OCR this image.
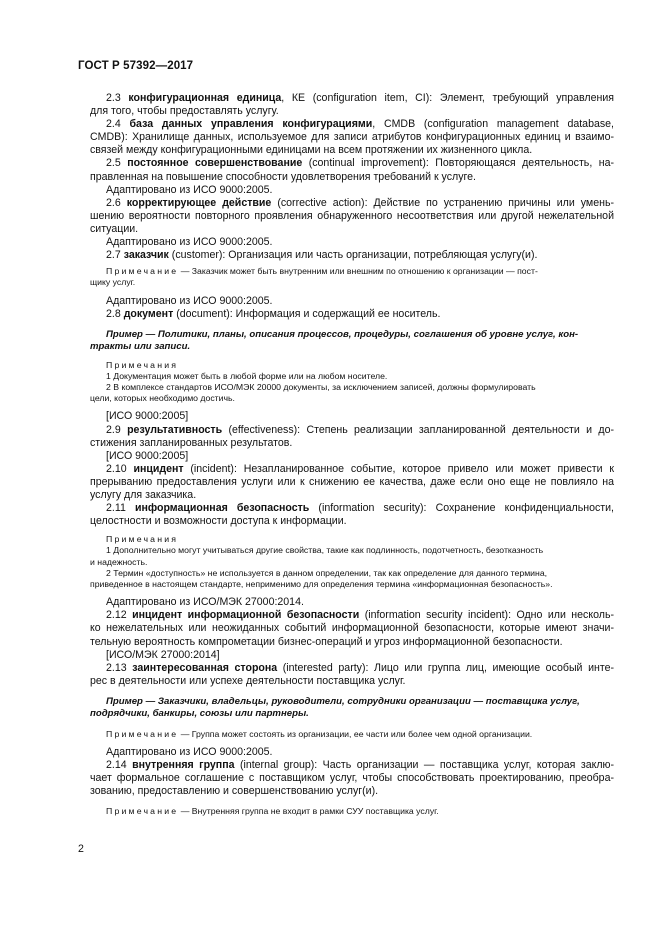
ГОСТ Р 57392—2017

2.3 конфигурационная единица, КЕ (configuration item, CI): Элемент, требующий управления

для того, чтобы предоставлять услугу.

2.4 база данных управления конфигурациями, CMDB (configuration management database,

CMDB): Хранилище данных, используемое для записи атрибутов конфигурационных единиц и взаимо-

связей между конфигурационными единицами на всем протяжении их жизненного цикла.

2.5 постоянное совершенствование (continual improvement): Повторяющаяся деятельность, на-

правленная на повышение способности удовлетворения требований к услуге.

Адаптировано из ИСО 9000:2005.

2.6 корректирующее действие (corrective action): Действие по устранению причины или умень-

шению вероятности повторного проявления обнаруженного несоответствия или другой нежелательной

ситуации.

Адаптировано из ИСО 9000:2005.

2.7 заказчик (customer): Организация или часть организации, потребляющая услугу(и).

Примечание — Заказчик может быть внутренним или внешним по отношению к организации — пост-

щику услуг.

Адаптировано из ИСО 9000:2005.

2.8 документ (document): Информация и содержащий ее носитель.

Пример — Политики, планы, описания процессов, процедуры, соглашения об уровне услуг, кон-

тракты или записи.

Примечания

1 Документация может быть в любой форме или на любом носителе.

2 В комплексе стандартов ИСО/МЭК 20000 документы, за исключением записей, должны формулировать

цели, которых необходимо достичь.

[ИСО 9000:2005]

2.9 результативность (effectiveness): Степень реализации запланированной деятельности и до-

стижения запланированных результатов.

[ИСО 9000:2005]

2.10 инцидент (incident): Незапланированное событие, которое привело или может привести к

прерыванию предоставления услуги или к снижению ее качества, даже если оно еще не повлияло на

услугу для заказчика.

2.11 информационная безопасность (information security): Сохранение конфиденциальности,

целостности и возможности доступа к информации.

Примечания

1 Дополнительно могут учитываться другие свойства, такие как подлинность, подотчетность, безотказность

и надежность.

2 Термин «доступность» не используется в данном определении, так как определение для данного термина,

приведенное в настоящем стандарте, неприменимо для определения термина «информационная безопасность».

Адаптировано из ИСО/МЭК 27000:2014.

2.12 инцидент информационной безопасности (information security incident): Одно или несколь-

ко нежелательных или неожиданных событий информационной безопасности, которые имеют значи-

тельную вероятность компрометации бизнес-операций и угроз информационной безопасности.

[ИСО/МЭК 27000:2014]

2.13 заинтересованная сторона (interested party): Лицо или группа лиц, имеющие особый инте-

рес в деятельности или успехе деятельности поставщика услуг.

Пример — Заказчики, владельцы, руководители, сотрудники организации — поставщика услуг,

подрядчики, банкиры, союзы или партнеры.

Примечание — Группа может состоять из организации, ее части или более чем одной организации.

Адаптировано из ИСО 9000:2005.

2.14 внутренняя группа (internal group): Часть организации — поставщика услуг, которая заклю-

чает формальное соглашение с поставщиком услуг, чтобы способствовать проектированию, преобра-

зованию, предоставлению и совершенствованию услуг(и).

Примечание — Внутренняя группа не входит в рамки СУУ поставщика услуг.

2
